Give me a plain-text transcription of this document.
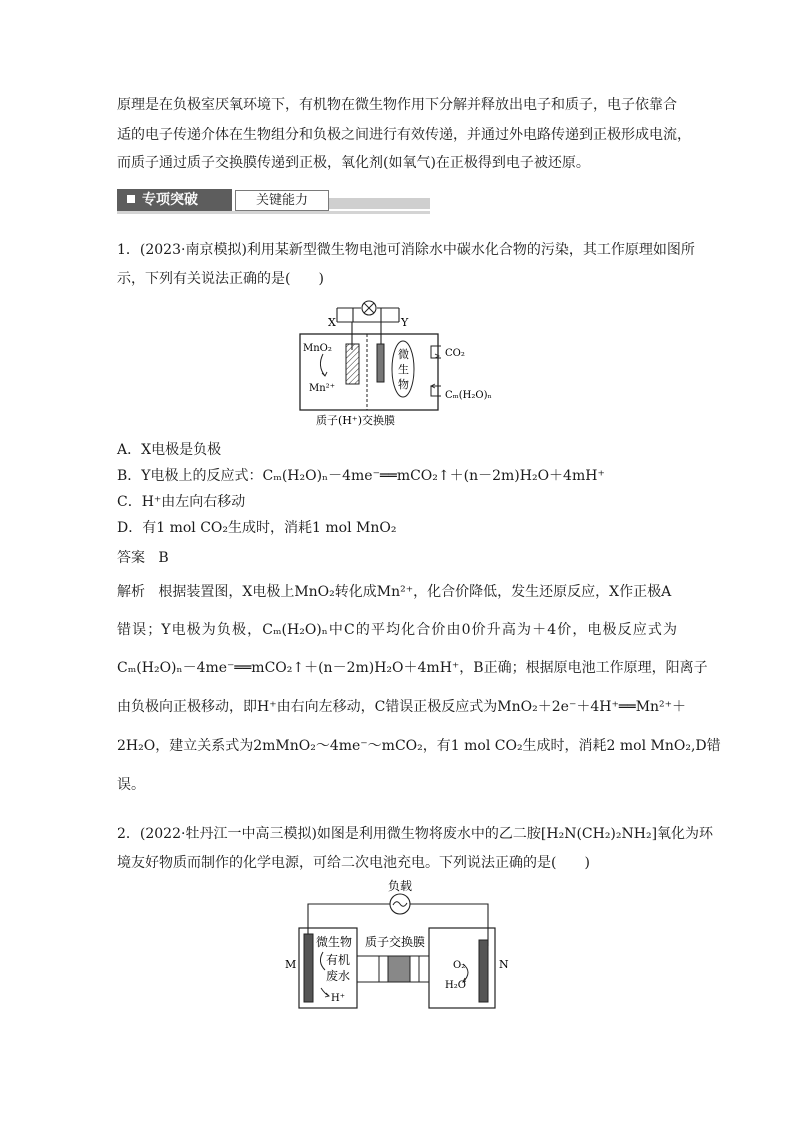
原理是在负极室厌氧环境下，有机物在微生物作用下分解并释放出电子和质子，电子依靠合
适的电子传递介体在生物组分和负极之间进行有效传递，并通过外电路传递到正极形成电流，
而质子通过质子交换膜传递到正极，氧化剂(如氧气)在正极得到电子被还原。
专项突破	关键能力
1．(2023·南京模拟)利用某新型微生物电池可消除水中碳水化合物的污染，其工作原理如图所
示，下列有关说法正确的是(　　)
X	Y
MnO₂
Mn²⁺
微
生
物
CO₂
Cₘ(H₂O)ₙ
质子(H⁺)交换膜
A．X电极是负极
B．Y电极上的反应式：Cₘ(H₂O)ₙ－4me⁻══mCO₂↑＋(n－2m)H₂O＋4mH⁺
C．H⁺由左向右移动
D．有1 mol CO₂生成时，消耗1 mol MnO₂
答案 B
解析 根据装置图，X电极上MnO₂转化成Mn²⁺，化合价降低，发生还原反应，X作正极A
错误；Y电极为负极，Cₘ(H₂O)ₙ中C的平均化合价由0价升高为＋4价，电极反应式为
Cₘ(H₂O)ₙ－4me⁻══mCO₂↑＋(n－2m)H₂O＋4mH⁺，B正确；根据原电池工作原理，阳离子
由负极向正极移动，即H⁺由右向左移动，C错误正极反应式为MnO₂＋2e⁻＋4H⁺══Mn²⁺＋
2H₂O，建立关系式为2mMnO₂～4me⁻～mCO₂，有1 mol CO₂生成时，消耗2 mol MnO₂,D错
误。
2．(2022·牡丹江一中高三模拟)如图是利用微生物将废水中的乙二胺[H₂N(CH₂)₂NH₂]氧化为环
境友好物质而制作的化学电源，可给二次电池充电。下列说法正确的是(　　)
负载
M	N
微生物
有机
废水
H⁺
质子交换膜
O₂
H₂O
